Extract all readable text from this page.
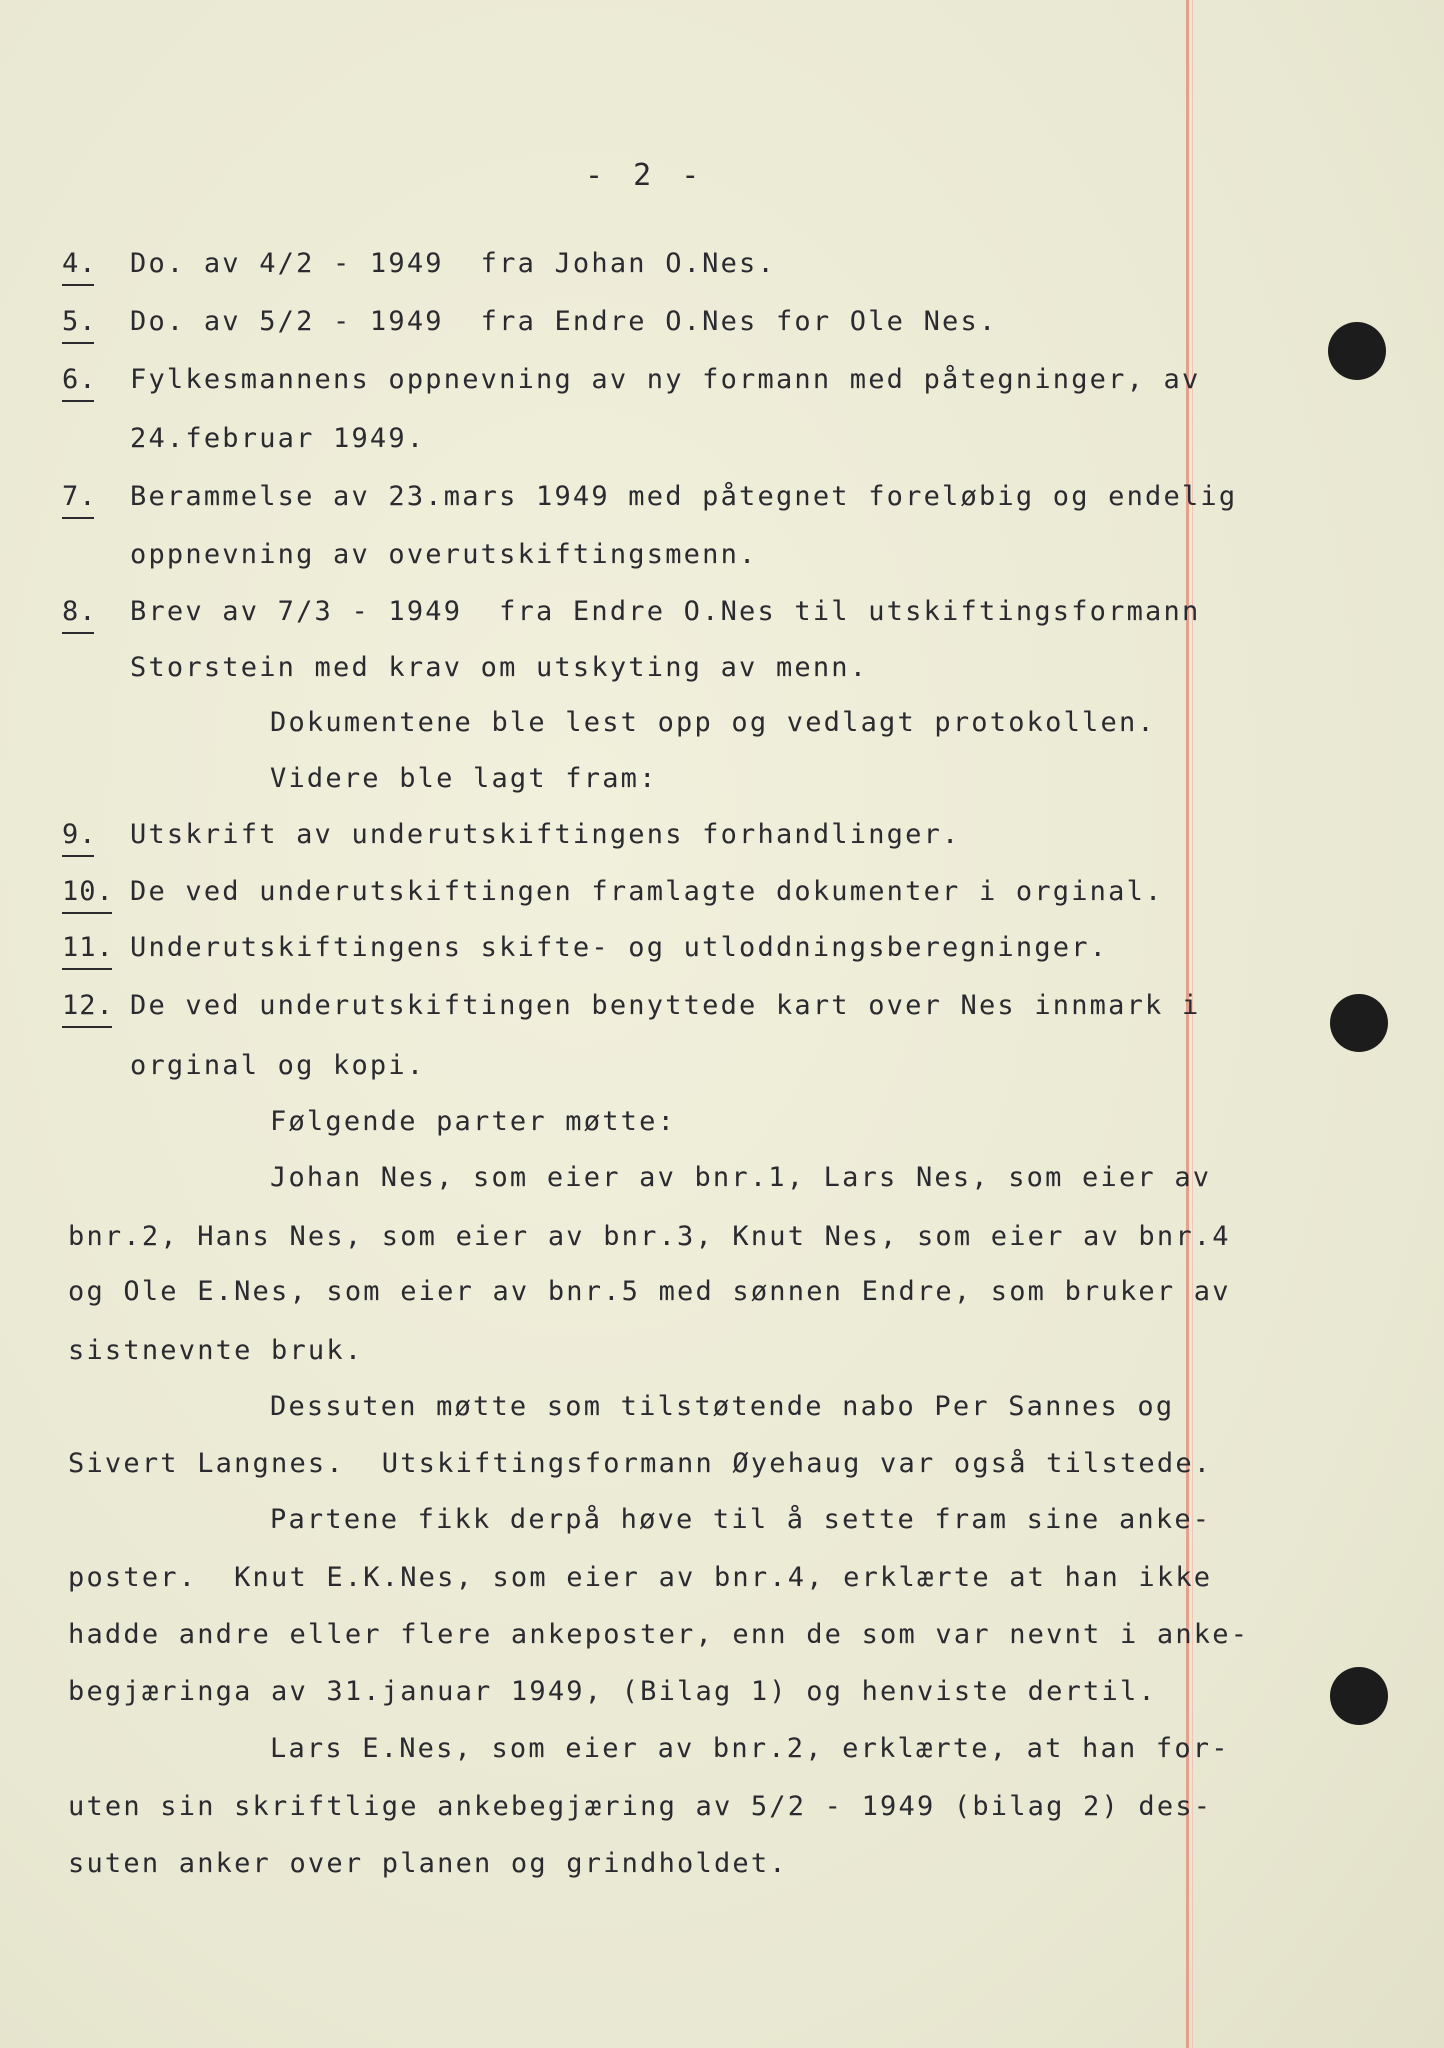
- 2 -
4. Do. av 4/2 - 1949  fra Johan O.Nes.
5. Do. av 5/2 - 1949  fra Endre O.Nes for Ole Nes.
6. Fylkesmannens oppnevning av ny formann med påtegninger, av
24.februar 1949.
7. Berammelse av 23.mars 1949 med påtegnet foreløbig og endelig
oppnevning av overutskiftingsmenn.
8. Brev av 7/3 - 1949  fra Endre O.Nes til utskiftingsformann
Storstein med krav om utskyting av menn.
Dokumentene ble lest opp og vedlagt protokollen.
Videre ble lagt fram:
9. Utskrift av underutskiftingens forhandlinger.
10. De ved underutskiftingen framlagte dokumenter i orginal.
11. Underutskiftingens skifte- og utloddningsberegninger.
12. De ved underutskiftingen benyttede kart over Nes innmark i
orginal og kopi.
Følgende parter møtte:
Johan Nes, som eier av bnr.1, Lars Nes, som eier av
bnr.2, Hans Nes, som eier av bnr.3, Knut Nes, som eier av bnr.4
og Ole E.Nes, som eier av bnr.5 med sønnen Endre, som bruker av
sistnevnte bruk.
Dessuten møtte som tilstøtende nabo Per Sannes og
Sivert Langnes.  Utskiftingsformann Øyehaug var også tilstede.
Partene fikk derpå høve til å sette fram sine anke-
poster.  Knut E.K.Nes, som eier av bnr.4, erklærte at han ikke
hadde andre eller flere ankeposter, enn de som var nevnt i anke-
begjæringa av 31.januar 1949, (Bilag 1) og henviste dertil.
Lars E.Nes, som eier av bnr.2, erklærte, at han for-
uten sin skriftlige ankebegjæring av 5/2 - 1949 (bilag 2) des-
suten anker over planen og grindholdet.
